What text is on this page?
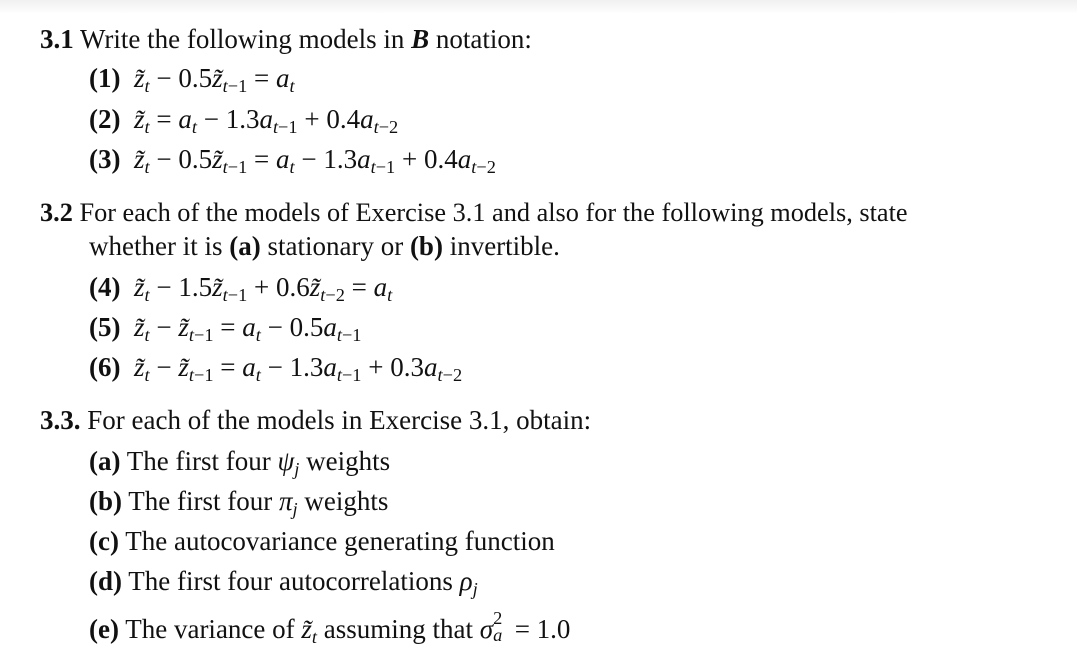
3.1 Write the following models in B notation:
(1) $z̃_t$ − $0.5z̃_{t-1} = a_t$
(2) $z̃_t = a_t - 1.3a_{t-1} + 0.4a_{t-2}$
(3) $z̃_t$ − $0.5z̃_{t-1} = a_t - 1.3a_{t-1} + 0.4a_{t-2}$
3.2 For each of the models of Exercise 3.1 and also for the following models, state
whether it is (a) stationary or (b) invertible.
(4) $z̃_t$ − $1.5z̃_{t-1}$ + $0.6z̃_{t-2} = a_t$
(5) $z̃_t$ − $z̃_{t-1} = a_t - 0.5a_{t-1}$
(6) $z̃_t$ − $z̃_{t-1} = a_t - 1.3a_{t-1} + 0.3a_{t-2}$
3.3. For each of the models in Exercise 3.1, obtain:
(a) The first four $\psi_j$ weights
(b) The first four $\pi_j$ weights
(c) The autocovariance generating function
(d) The first four autocorrelations $\rho_j$
(e) The variance of $z̃_t$ assuming that σ 2
a = 1.0
